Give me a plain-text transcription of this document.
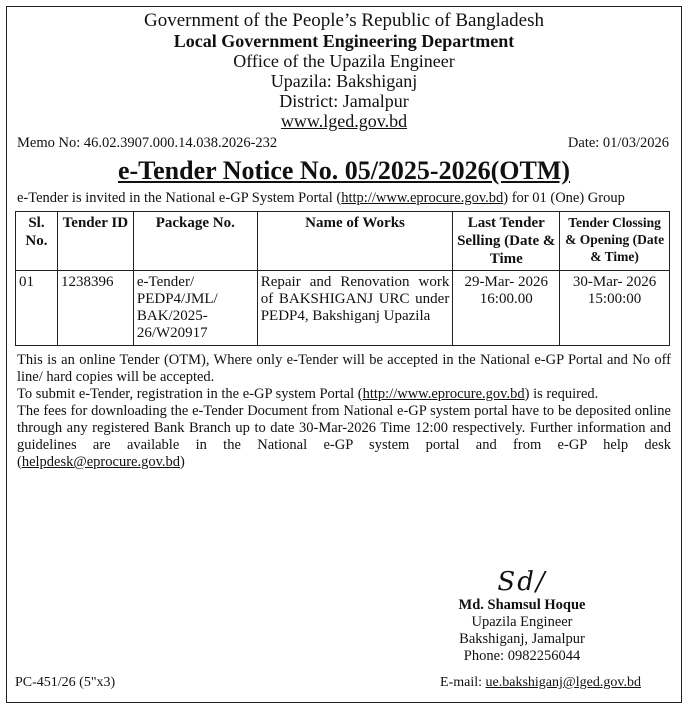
Government of the People’s Republic of Bangladesh
Local Government Engineering Department
Office of the Upazila Engineer
Upazila: Bakshiganj
District: Jamalpur
www.lged.gov.bd
Memo No: 46.02.3907.000.14.038.2026-232	Date: 01/03/2026
e-Tender Notice No. 05/2025-2026(OTM)
e-Tender is invited in the National e-GP System Portal (http://www.eprocure.gov.bd) for 01 (One) Group
Sl. No.	Tender ID	Package No.	Name of Works	Last Tender Selling (Date & Time	Tender Clossing & Opening (Date & Time)
01	1238396	e-Tender/ PEDP4/JML/ BAK/2025- 26/W20917	Repair and Renovation work of BAKSHIGANJ URC under PEDP4, Bakshiganj Upazila	29-Mar- 2026 16:00.00	30-Mar- 2026 15:00:00

This is an online Tender (OTM), Where only e-Tender will be accepted in the National e-GP Portal and No off line/ hard copies will be accepted.

To submit e-Tender, registration in the e-GP system Portal (http://www.eprocure.gov.bd) is required.

The fees for downloading the e-Tender Document from National e-GP system portal have to be deposited online through any registered Bank Branch up to date 30-Mar-2026 Time 12:00 respectively. Further information and guidelines are available in the National e-GP system portal and from e-GP help desk (helpdesk@eprocure.gov.bd)

Sd/
Md. Shamsul Hoque
Upazila Engineer
Bakshiganj, Jamalpur
Phone: 0982256044
PC-451/26 (5"x3)	E-mail: ue.bakshiganj@lged.gov.bd
